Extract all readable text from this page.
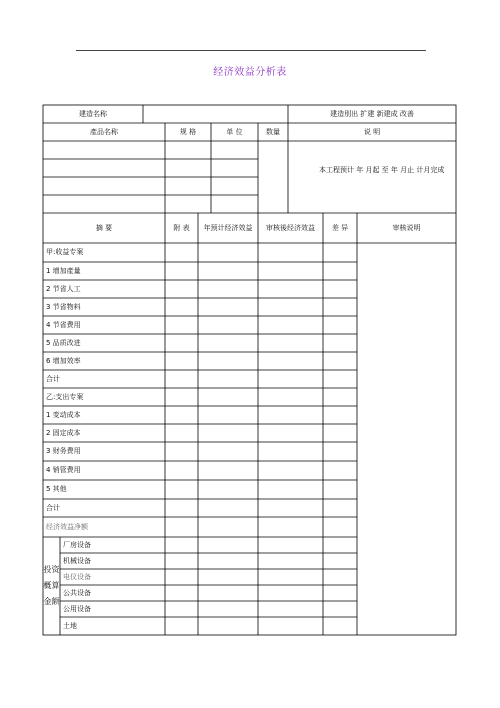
经济效益分析表
建造名称	建造別出 扩建 新建成 改善
產品名称	规 格	单 位	数量	说 明
本工程预计 年 月起 至 年 月止 计月完成
摘 要	附 表	年预计经济效益	审核後经济效益	差 异	审核说明
甲:收益专案
1 增加產量
2 节省人工
3 节省物料
4 节省费用
5 品质改进
6 增加效率
合计
乙:支出专案
1 变动成本
2 固定成本
3 财务费用
4 销管费用
5 其他
合计
经济效益净额
投资概算金额
厂房设备
机械设备
电仪设备
公共设备
公用设备
土地
